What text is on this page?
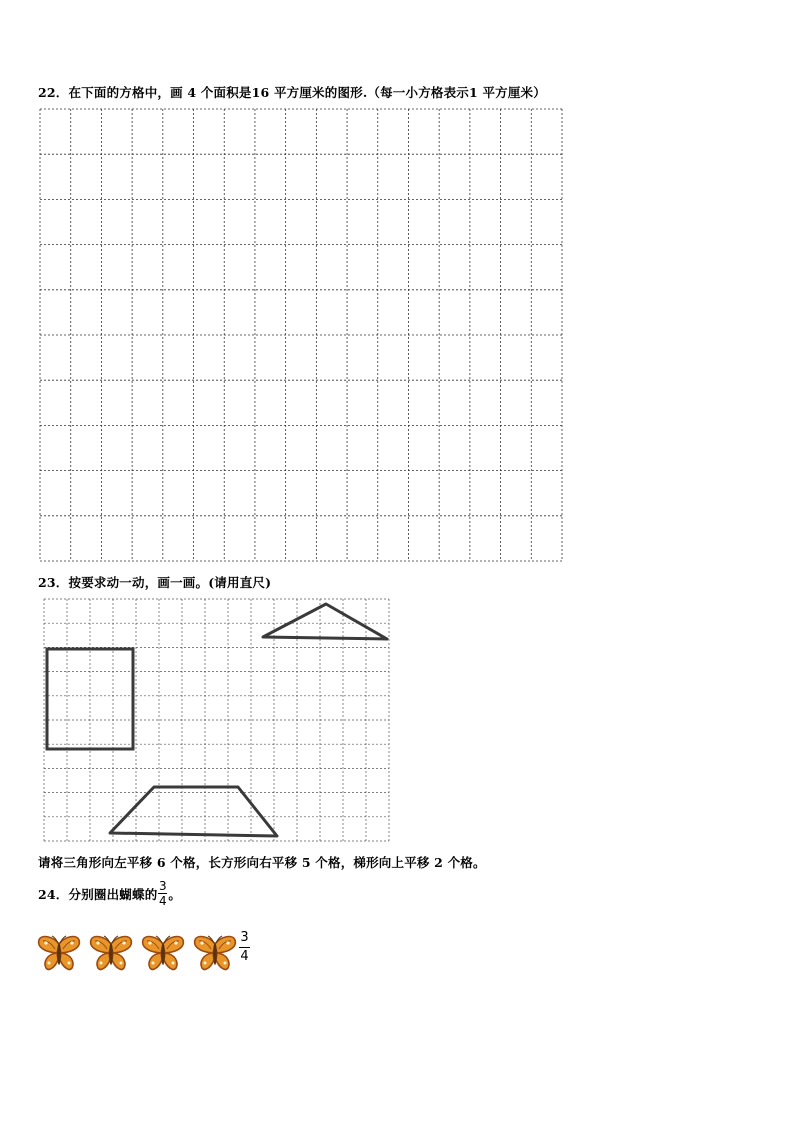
22．在下面的方格中，画 4 个面积是16 平方厘米的图形.（每一小方格表示1 平方厘米）
23．按要求动一动，画一画。(请用直尺)
请将三角形向左平移 6 个格，长方形向右平移 5 个格，梯形向上平移 2 个格。
24．分别圈出蝴蝶的 $\frac{3}{4}$ 。
3
4
